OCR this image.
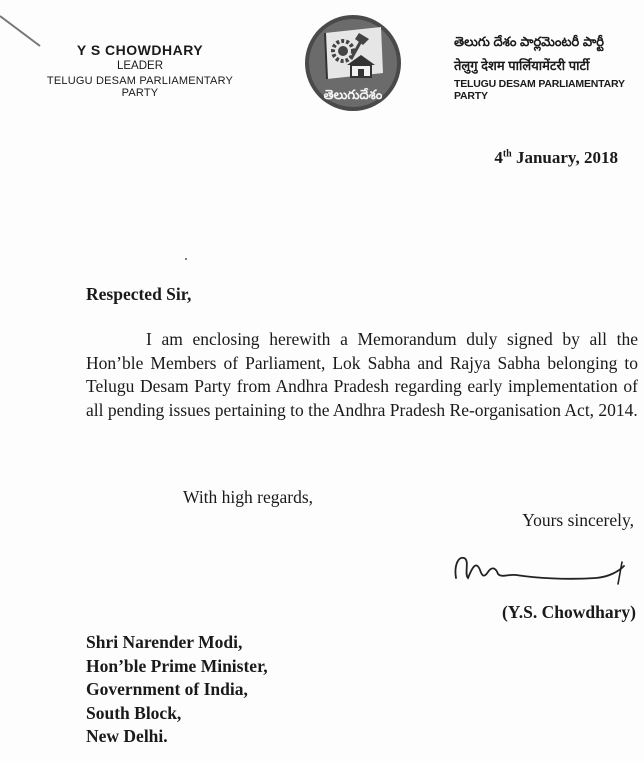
Y S CHOWDHARY
LEADER
TELUGU DESAM PARLIAMENTARY PARTY	తెలుగుదేశం
తెలుగు దేశం పార్లమెంటరీ పార్టీ
तेलुगु देशम पार्लियामेंटरी पार्टी
TELUGU DESAM PARLIAMENTARY PARTY
4th January, 2018
Respected Sir,
I am enclosing herewith a Memorandum duly signed by all the Hon’ble Members of Parliament, Lok Sabha and Rajya Sabha belonging to Telugu Desam Party from Andhra Pradesh regarding early implementation of all pending issues pertaining to the Andhra Pradesh Re-organisation Act, 2014.
With high regards,
Yours sincerely,
(Y.S. Chowdhary)
Shri Narender Modi,
Hon’ble Prime Minister,
Government of India,
South Block,
New Delhi.
